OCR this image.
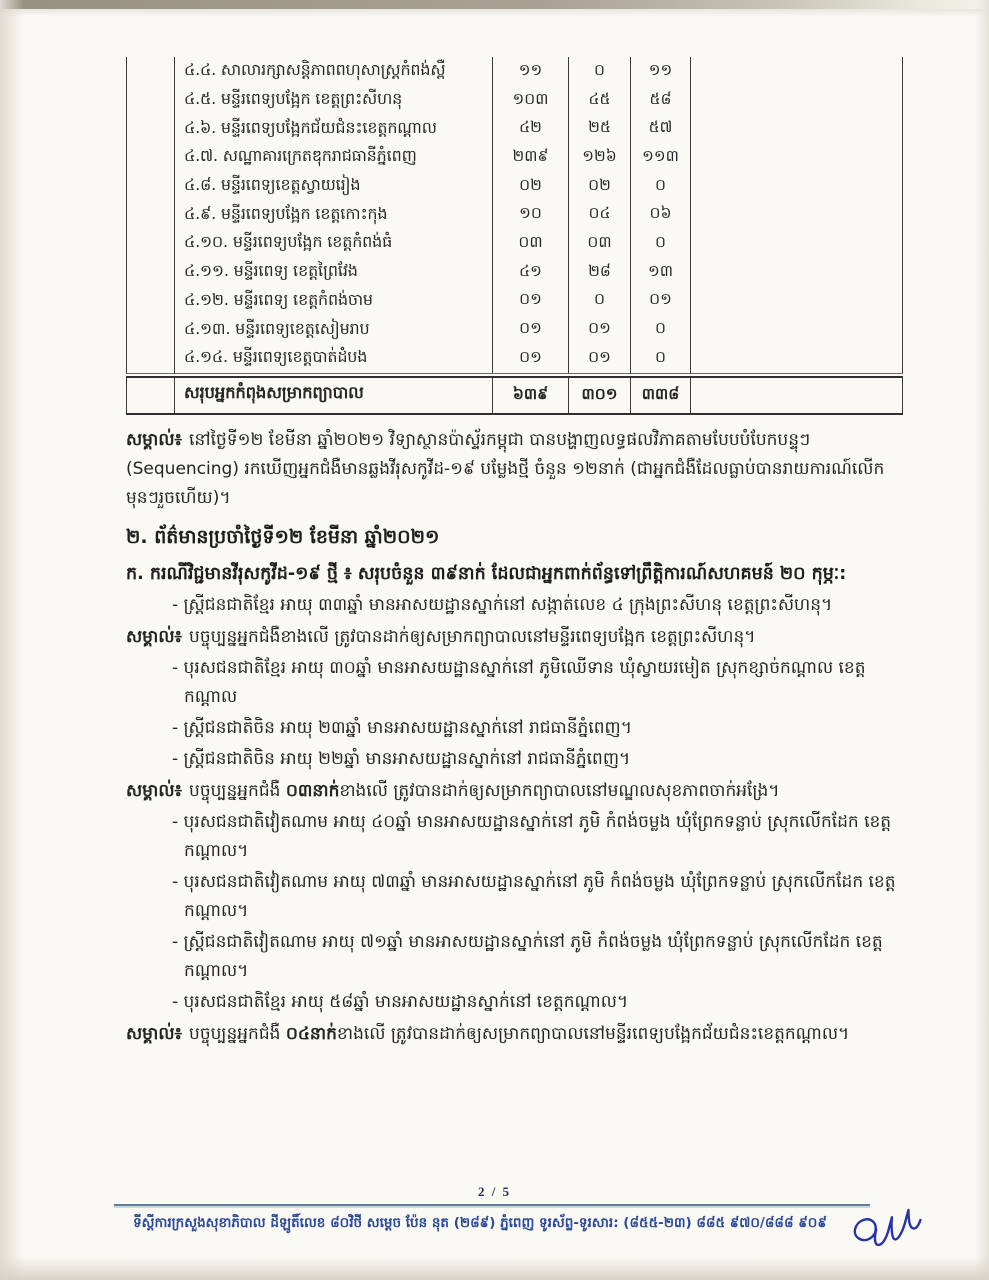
៤.៤. សាលារក្សាសន្តិភាពពហុសាស្ត្រកំពង់ស្ពឺ	១១	០	១១
៤.៥. មន្ទីរពេទ្យបង្អែក ខេត្តព្រះសីហនុ	១០៣	៤៥	៥៨
៤.៦. មន្ទីរពេទ្យបង្អែកជ័យជំនះខេត្តកណ្តាល	៤២	២៥	៥៧
៤.៧. សណ្ឋាគារក្រេតឌុករាជធានីភ្នំពេញ	២៣៩	១២៦	១១៣
៤.៨. មន្ទីរពេទ្យខេត្តស្វាយរៀង	០២	០២	០
៤.៩. មន្ទីរពេទ្យបង្អែក ខេត្តកោះកុង	១០	០៤	០៦
៤.១០. មន្ទីរពេទ្យបង្អែក ខេត្តកំពង់ធំ	០៣	០៣	០
៤.១១. មន្ទីរពេទ្យ ខេត្តព្រៃវែង	៤១	២៨	១៣
៤.១២. មន្ទីរពេទ្យ ខេត្តកំពង់ចាម	០១	០	០១
៤.១៣. មន្ទីរពេទ្យខេត្តសៀមរាប	០១	០១	០
៤.១៤. មន្ទីរពេទ្យខេត្តបាត់ដំបង	០១	០១	០
សរុបអ្នកកំពុងសម្រាកព្យាបាល	៦៣៩	៣០១	៣៣៨

សម្គាល់៖ នៅថ្ងៃទី១២ ខែមីនា ឆ្នាំ២០២១ វិទ្យាស្ថានប៉ាស្ទ័រកម្ពុជា បានបង្ហាញលទ្ធផលវិភាគតាមបែបបំបែកបន្ទុៗ (Sequencing) រកឃើញអ្នកជំងឺមានឆ្លងវីរុសកូវីដ-១៩ បម្លែងថ្មី ចំនួន ១២នាក់ (ជាអ្នកជំងឺដែលធ្លាប់បានរាយការណ៍លើកមុនៗរួចហើយ)។

២. ព័ត៌មានប្រចាំថ្ងៃទី១២ ខែមីនា ឆ្នាំ២០២១

ក. ករណីវិជ្ជមានវីរុសកូវីដ-១៩ ថ្មី ៖ សរុបចំនួន ៣៩នាក់ ដែលជាអ្នកពាក់ព័ន្ធទៅព្រឹត្តិការណ៍សហគមន៍ ២០ កុម្ភៈ:

- ស្ត្រីជនជាតិខ្មែរ អាយុ ៣៣ឆ្នាំ មានអាសយដ្ឋានស្នាក់នៅ សង្កាត់លេខ ៤ ក្រុងព្រះសីហនុ ខេត្តព្រះសីហនុ។

សម្គាល់៖ បច្ចុប្បន្នអ្នកជំងឺខាងលើ ត្រូវបានដាក់ឲ្យសម្រាកព្យាបាលនៅមន្ទីរពេទ្យបង្អែក ខេត្តព្រះសីហនុ។

- បុរសជនជាតិខ្មែរ អាយុ ៣០ឆ្នាំ មានអាសយដ្ឋានស្នាក់នៅ ភូមិឈើទាន ឃុំស្វាយរមៀត ស្រុកខ្សាច់កណ្តាល ខេត្តកណ្តាល

- ស្ត្រីជនជាតិចិន អាយុ ២៣ឆ្នាំ មានអាសយដ្ឋានស្នាក់នៅ រាជធានីភ្នំពេញ។

- ស្ត្រីជនជាតិចិន អាយុ ២២ឆ្នាំ មានអាសយដ្ឋានស្នាក់នៅ រាជធានីភ្នំពេញ។

សម្គាល់៖ បច្ចុប្បន្នអ្នកជំងឺ ០៣នាក់ខាងលើ ត្រូវបានដាក់ឲ្យសម្រាកព្យាបាលនៅមណ្ឌលសុខភាពចាក់អង្រែ។

- បុរសជនជាតិវៀតណាម អាយុ ៤០ឆ្នាំ មានអាសយដ្ឋានស្នាក់នៅ ភូមិ កំពង់ចម្លង ឃុំព្រែកទន្លាប់ ស្រុកលើកដែក ខេត្តកណ្តាល។

- បុរសជនជាតិវៀតណាម អាយុ ៧៣ឆ្នាំ មានអាសយដ្ឋានស្នាក់នៅ ភូមិ កំពង់ចម្លង ឃុំព្រែកទន្លាប់ ស្រុកលើកដែក ខេត្តកណ្តាល។

- ស្ត្រីជនជាតិវៀតណាម អាយុ ៧១ឆ្នាំ មានអាសយដ្ឋានស្នាក់នៅ ភូមិ កំពង់ចម្លង ឃុំព្រែកទន្លាប់ ស្រុកលើកដែក ខេត្តកណ្តាល។

- បុរសជនជាតិខ្មែរ អាយុ ៥៨ឆ្នាំ មានអាសយដ្ឋានស្នាក់នៅ ខេត្តកណ្តាល។

សម្គាល់៖ បច្ចុប្បន្នអ្នកជំងឺ ០៤នាក់ខាងលើ ត្រូវបានដាក់ឲ្យសម្រាកព្យាបាលនៅមន្ទីរពេទ្យបង្អែកជ័យជំនះខេត្តកណ្តាល។

2 / 5
ទីស្តីការក្រសួងសុខាភិបាល ដីឡូតិ៍លេខ ៨០វិថី សម្តេច ប៉ែន នុត (២៨៩) ភ្នំពេញ ទូរស័ព្ទ-ទូរសារ: (៨៥៥-២៣) ៨៨៥ ៩៧០/៨៨៨ ៩០៩
